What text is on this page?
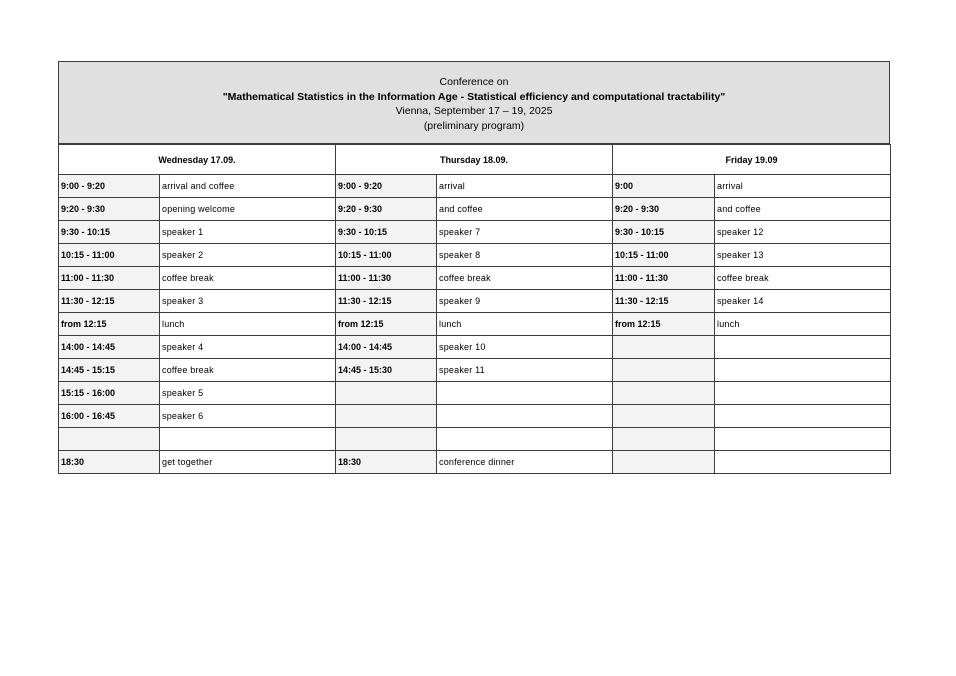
Conference on
"Mathematical Statistics in the Information Age - Statistical efficiency and computational tractability"
Vienna, September 17 – 19, 2025
(preliminary program)
Wednesday 17.09.		Thursday 18.09.		Friday 19.09	
9:00 - 9:20	arrival and coffee	9:00 - 9:20	arrival	9:00	arrival
9:20 - 9:30	opening welcome	9:20 - 9:30	and coffee	9:20 - 9:30	and coffee
9:30 - 10:15	speaker 1	9:30 - 10:15	speaker 7	9:30 - 10:15	speaker 12
10:15 - 11:00	speaker 2	10:15 - 11:00	speaker 8	10:15 - 11:00	speaker 13
11:00 - 11:30	coffee break	11:00 - 11:30	coffee break	11:00 - 11:30	coffee break
11:30 - 12:15	speaker 3	11:30 - 12:15	speaker 9	11:30 - 12:15	speaker 14
from 12:15	lunch	from 12:15	lunch	from 12:15	lunch
14:00 - 14:45	speaker 4	14:00 - 14:45	speaker 10		
14:45 - 15:15	coffee break	14:45 - 15:30	speaker 11		
15:15 - 16:00	speaker 5				
16:00 - 16:45	speaker 6				

18:30	get together	18:30	conference dinner		
